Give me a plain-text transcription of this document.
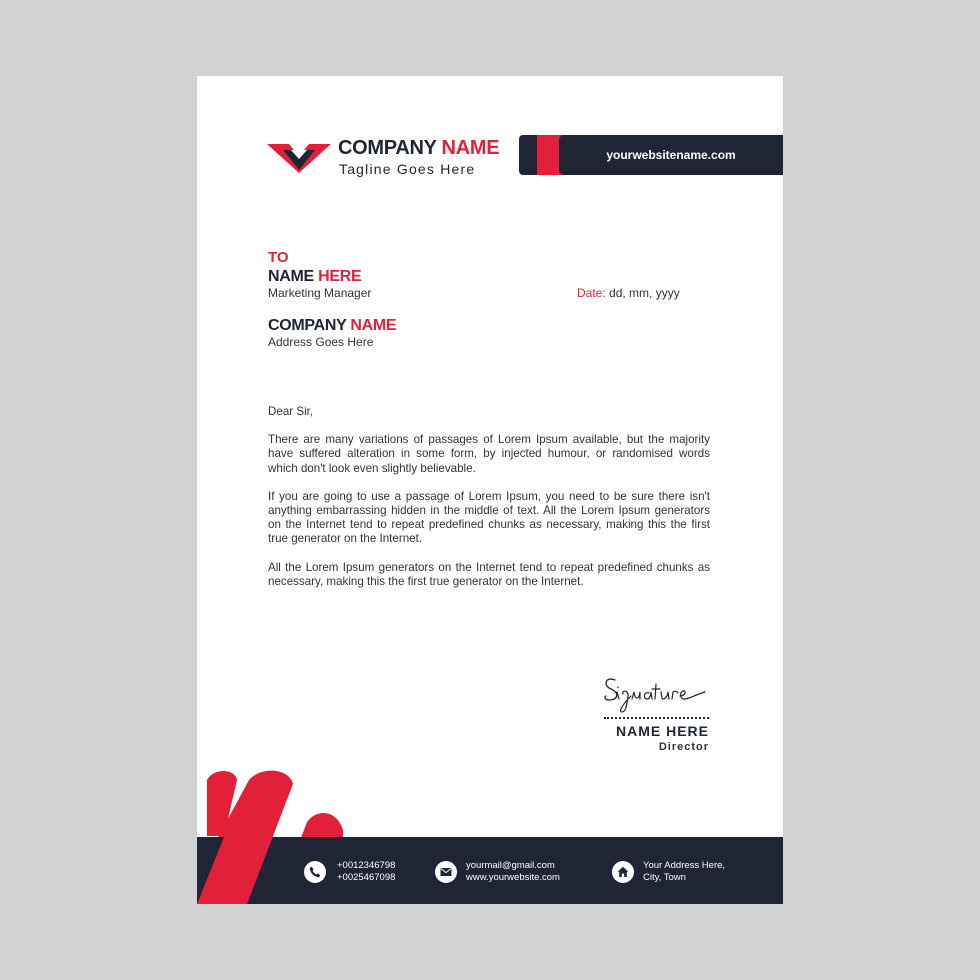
COMPANY NAME
Tagline Goes Here
yourwebsitename.com
TO
NAME HERE
Marketing Manager	Date: dd, mm, yyyy
COMPANY NAME
Address Goes Here

Dear Sir,

There are many variations of passages of Lorem Ipsum available, but the majority have suffered alteration in some form, by injected humour, or randomised words which don't look even slightly believable.

If you are going to use a passage of Lorem Ipsum, you need to be sure there isn't anything embarrassing hidden in the middle of text. All the Lorem Ipsum generators on the Internet tend to repeat predefined chunks as necessary, making this the first true generator on the Internet.

All the Lorem Ipsum generators on the Internet tend to repeat predefined chunks as necessary, making this the first true generator on the Internet.

NAME HERE
Director
+0012346798
+0025467098
yourmail@gmail.com
www.yourwebsite.com
Your Address Here,
City, Town
